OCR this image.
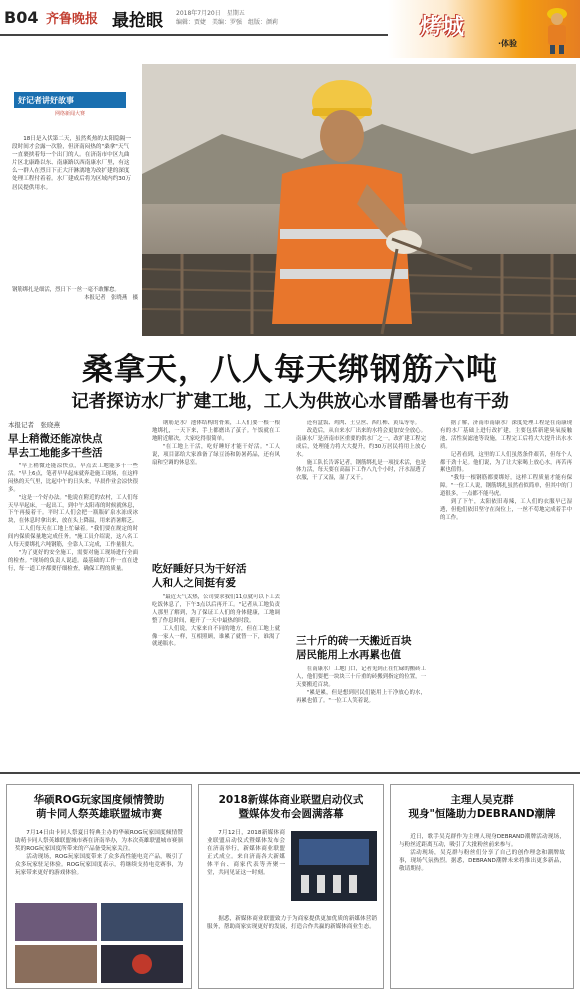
B04 齐鲁晚报 最抢眼 2018年7月20日　星期五
编辑：贾婕　美编：罗强　组版：颜莉	烤城
·体验
好记者讲好故事
网络新闻大赛

18日是入伏第二天，虽然炙热的太阳隐隔一段时间才会露一次脸，但济南闷热的"桑拿"天气一直裹挟着每一个出门的人。在济南市中区九曲片区北康路以东、南康路以西南康水厂里，有这么一群人在烈日下正大汗淋漓地为改扩建的深度处理工程付着着。水厂建成后将为区域内约30万居民提供用水。

钢筋绑扎是细活，烈日下一丝一毫不敢懈怠。
本报记者　张晓燕　摄
桑拿天，八人每天绑钢筋六吨
记者探访水厂扩建工地，工人为供放心水冒酷暑也有干劲
本报记者　张晓燕
早上稍微还能凉快点
早去工地能多干些活

"早上稍微还能凉快点，早点去工地能多干一些活。"早上6点，笔者早早起床就奔赴施工现场，在这样闷热的天气里，比起中午的日头来，早晨作业会凉快很多。

"这是一个好办法。"他说在附近的农村，工人们每天早早起床，一起出工，到中午太阳毒的时候就休息，下午再接着干。平时工人们会把一瓶瓶矿泉水冻成冰块，在休息时拿出来，放在头上降温，用来消暑解乏。

工人们每天在工地上忙碌着。"我们要在规定的时间内保质保量地完成任务。"施工员介绍说，这八名工人每天要绑扎六吨钢筋，全靠人工完成，工作量很大。

"为了更好的安全施工，需要对施工现场进行全面的检查。"现场的负责人说道。最基础的工作一直在进行，每一道工序都要仔细检查，确保工程的质量。

钢筋是水厂池体结构的骨架，工人们要一根一根地绑扎，一天下来，手上都磨出了茧子。午饭就在工地附近解决，大家吃得很简单。

"在工地上干活，吃好睡好才能干好活。"工人说，项目部给大家准备了绿豆汤和防暑药品，还有风扇和空调的休息室。

吃好睡好只为干好活
人和人之间挺有爱

"最近天气太热，公司要求我们11点就可以下工去吃饭休息了，下午3点以后再开工。"记者从工地负责人那里了解到，为了保证工人们的身体健康，工地调整了作息时间，避开了一天中最热的时段。

工人们说，大家来自不同的地方，但在工地上就像一家人一样，互相照顾，谁累了就替一下，谁渴了就递瓶水。

还有盒饭、鸡肉、土豆丝、西红柿、黄瓜等等。

改造后，从自来水厂出来的水将会更加安全放心。南康水厂是济南市区重要的供水厂之一，改扩建工程完成后，处理能力将大大提升，约30万居民将用上放心水。

施工队长告诉记者，钢筋绑扎是一项技术活，也是体力活，每天要在高温下工作八九个小时，汗水湿透了衣服，干了又湿，湿了又干。

三十斤的砖一天搬近百块
居民能用上水再累也值

在南康水厂工地门口，记者见到正在忙碌的搬砖工人，他们要把一块块三十斤重的砖搬到指定的位置，一天要搬近百块。

"累是累，但是想到居民们能用上干净放心的水，再累也值了。"一位工人笑着说。

据了解，济南市南康水厂深度处理工程是在南康现有的水厂基础上进行改扩建，主要包括新建臭氧接触池、活性炭滤池等设施，工程完工后将大大提升出水水质。

记者看到，这里的工人们虽然条件艰苦，但每个人都干劲十足。他们说，为了让大家喝上放心水，再苦再累也值得。

"我每一根钢筋都要绑好，这样工程质量才能有保障。"一位工人说，钢筋绑扎虽然看似简单，但其中的门道很多，一点都不能马虎。

到了下午，太阳依旧毒辣，工人们的衣服早已湿透，但他们依旧坚守在岗位上，一丝不苟地完成着手中的工作。

华硕ROG玩家国度倾情赞助
萌卡同人祭英雄联盟城市赛

7月14日由卡同人祭夏日特典主办的华硕ROG玩家国度倾情赞助萌卡同人祭英雄联盟城市赛在济南举办，为本次英雄联盟城市赛颁奖的ROG玩家国度所带来的产品备受玩家关注。

活动现场，ROG玩家国度带来了众多高性能电竞产品，吸引了众多玩家驻足体验。ROG玩家国度表示，将继续支持电竞赛事，为玩家带来更好的游戏体验。

2018新媒体商业联盟启动仪式
暨媒体发布会圆满落幕

7月12日，2018新媒体商业联盟启动仪式暨媒体发布会在济南举行，新媒体商业联盟正式成立。来自济南各大新媒体平台、商家代表等齐聚一堂，共同见证这一时刻。

据悉，新媒体商业联盟致力于为商家提供更加优质的新媒体营销服务，帮助商家实现更好的发展，打造合作共赢的新媒体商业生态。

主理人吴克群
现身"恒隆助力DEBRAND潮牌

近日，歌手吴克群作为主理人现身DEBRAND潮牌活动现场，与粉丝近距离互动，吸引了大批粉丝前来参与。

活动现场，吴克群与粉丝们分享了自己的创作理念和潮牌故事，现场气氛热烈。据悉，DEBRAND潮牌未来将推出更多新品，敬请期待。
